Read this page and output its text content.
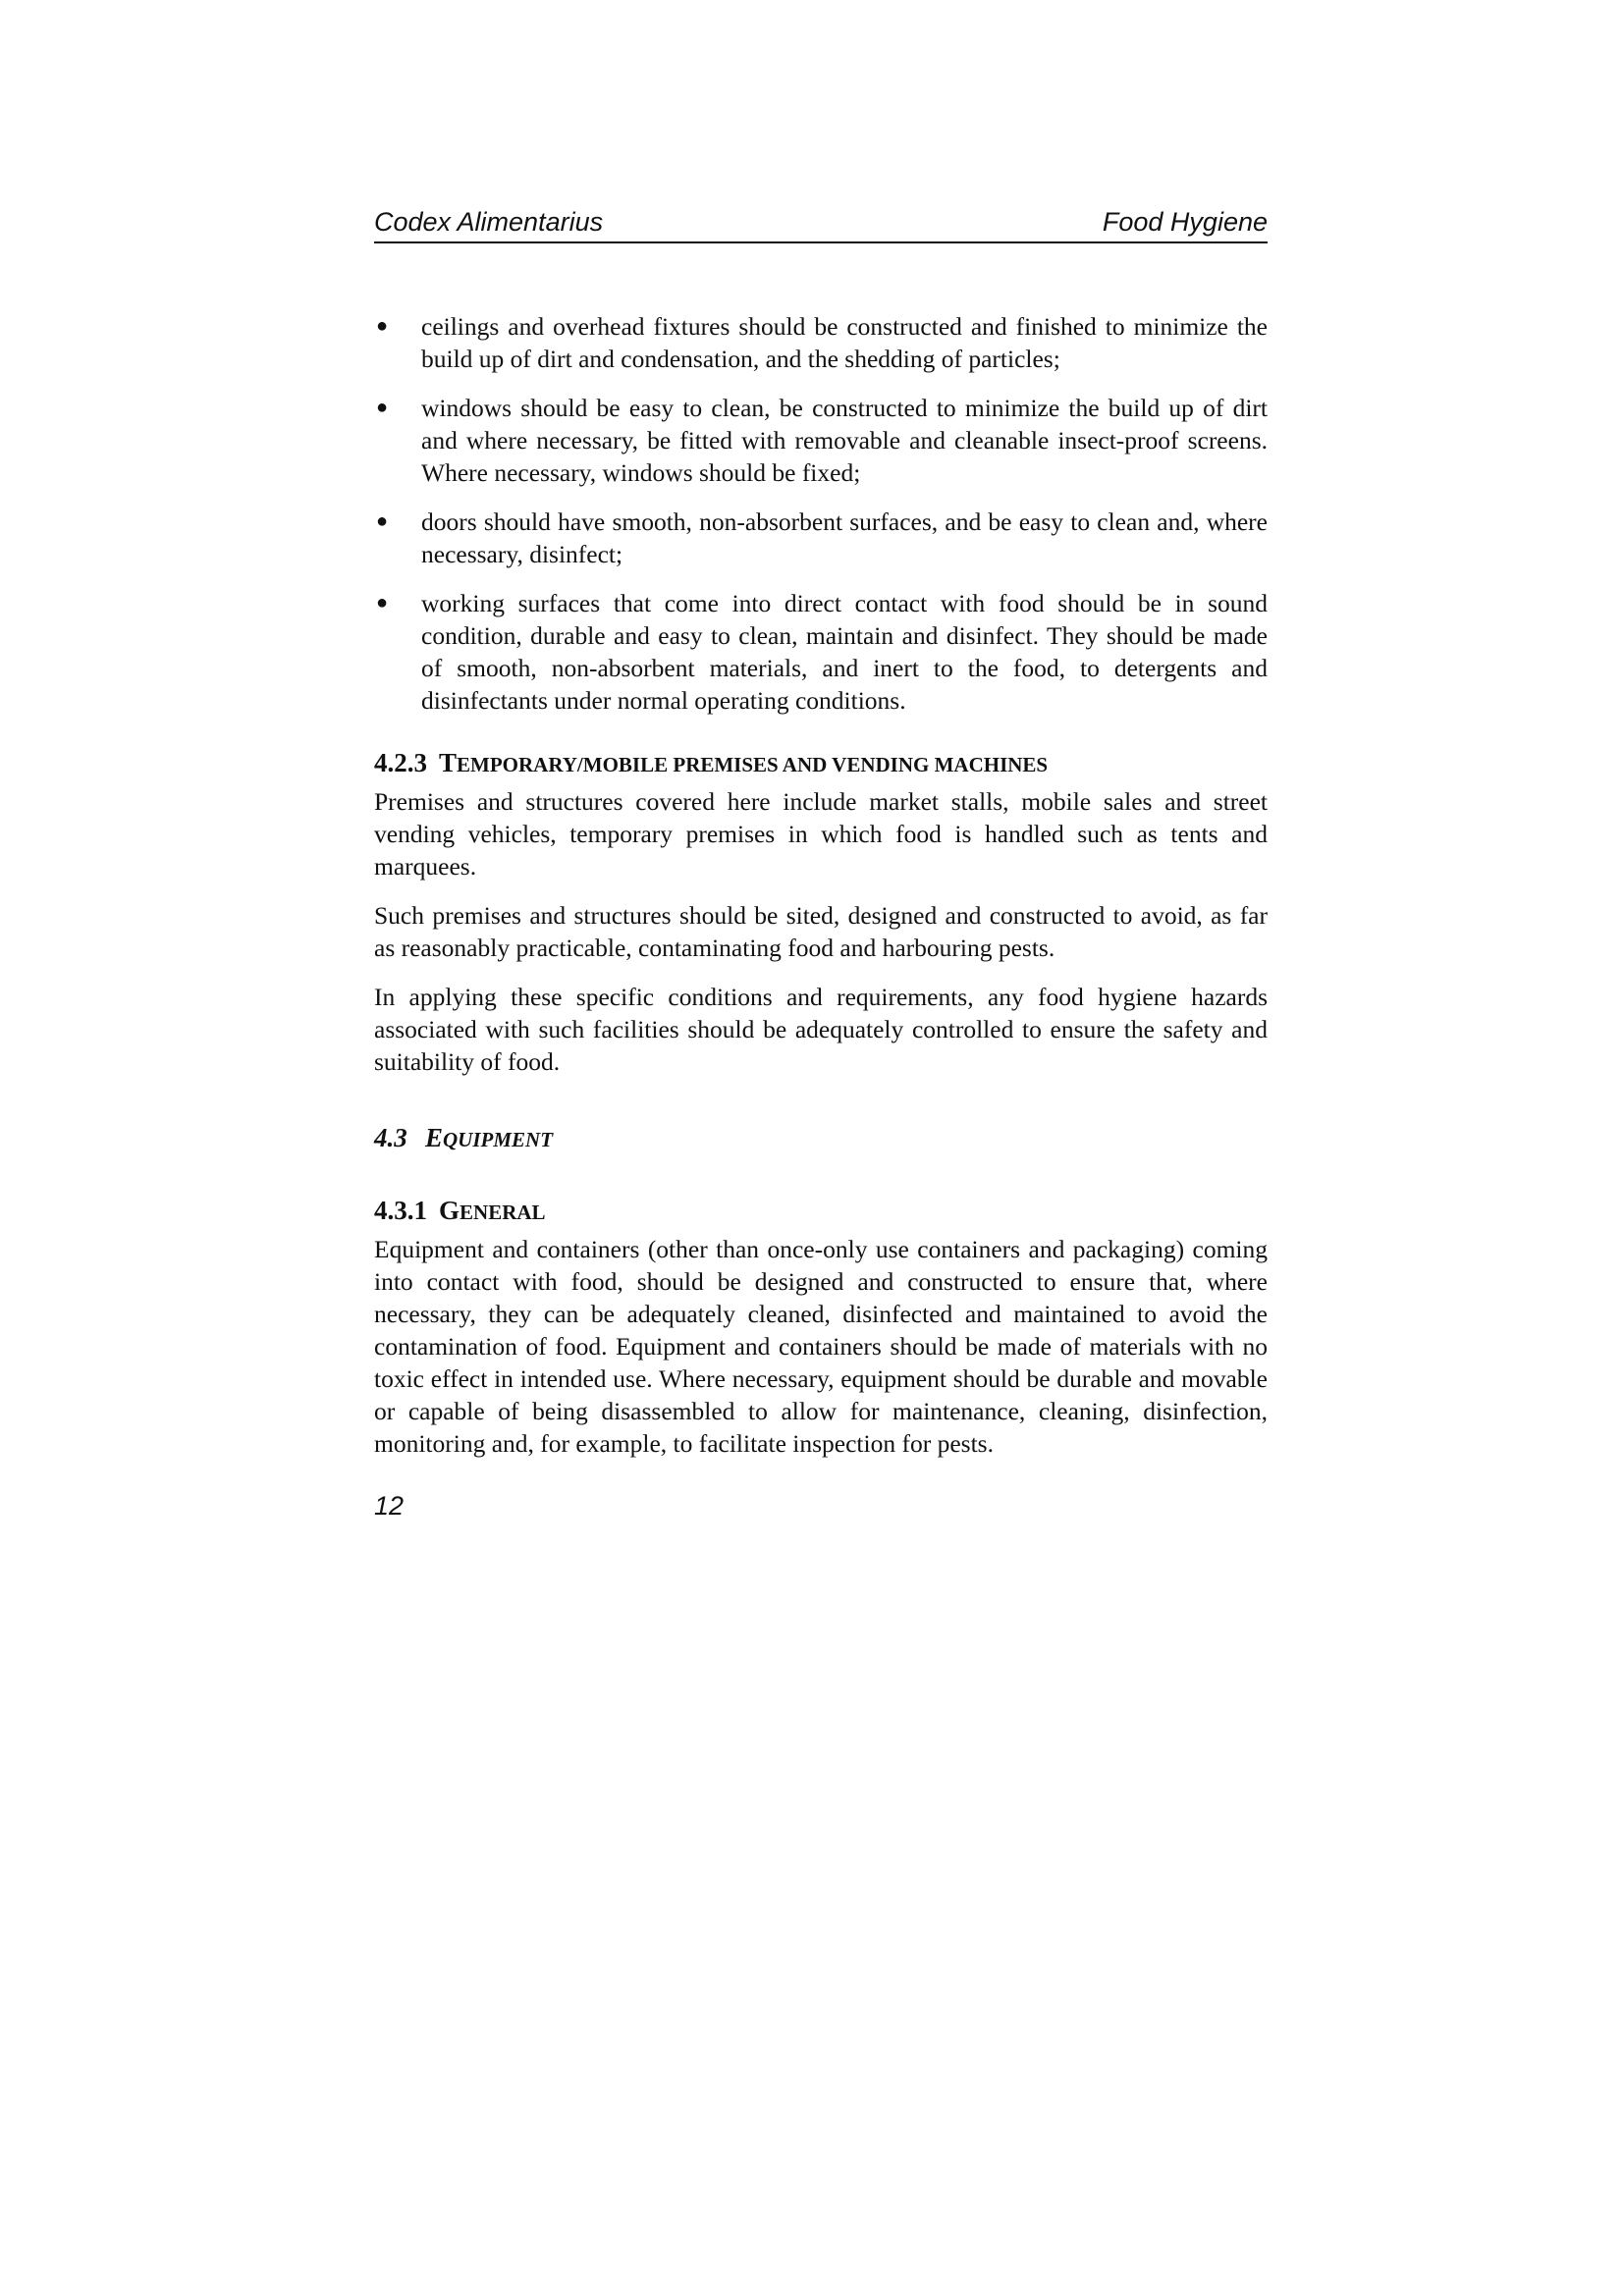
Codex Alimentarius	Food Hygiene
● ceilings and overhead fixtures should be constructed and finished to minimize the build up of dirt and condensation, and the shedding of particles;
● windows should be easy to clean, be constructed to minimize the build up of dirt and where necessary, be fitted with removable and cleanable insect-proof screens. Where necessary, windows should be fixed;
● doors should have smooth, non-absorbent surfaces, and be easy to clean and, where necessary, disinfect;
● working surfaces that come into direct contact with food should be in sound condition, durable and easy to clean, maintain and disinfect. They should be made of smooth, non-absorbent materials, and inert to the food, to detergents and disinfectants under normal operating conditions.
4.2.3 TEMPORARY/MOBILE PREMISES AND VENDING MACHINES

Premises and structures covered here include market stalls, mobile sales and street vending vehicles, temporary premises in which food is handled such as tents and marquees.

Such premises and structures should be sited, designed and constructed to avoid, as far as reasonably practicable, contaminating food and harbouring pests.

In applying these specific conditions and requirements, any food hygiene hazards associated with such facilities should be adequately controlled to ensure the safety and suitability of food.

4.3 EQUIPMENT
4.3.1 GENERAL

Equipment and containers (other than once-only use containers and packaging) coming into contact with food, should be designed and constructed to ensure that, where necessary, they can be adequately cleaned, disinfected and maintained to avoid the contamination of food. Equipment and containers should be made of materials with no toxic effect in intended use. Where necessary, equipment should be durable and movable or capable of being disassembled to allow for maintenance, cleaning, disinfection, monitoring and, for example, to facilitate inspection for pests.

12
